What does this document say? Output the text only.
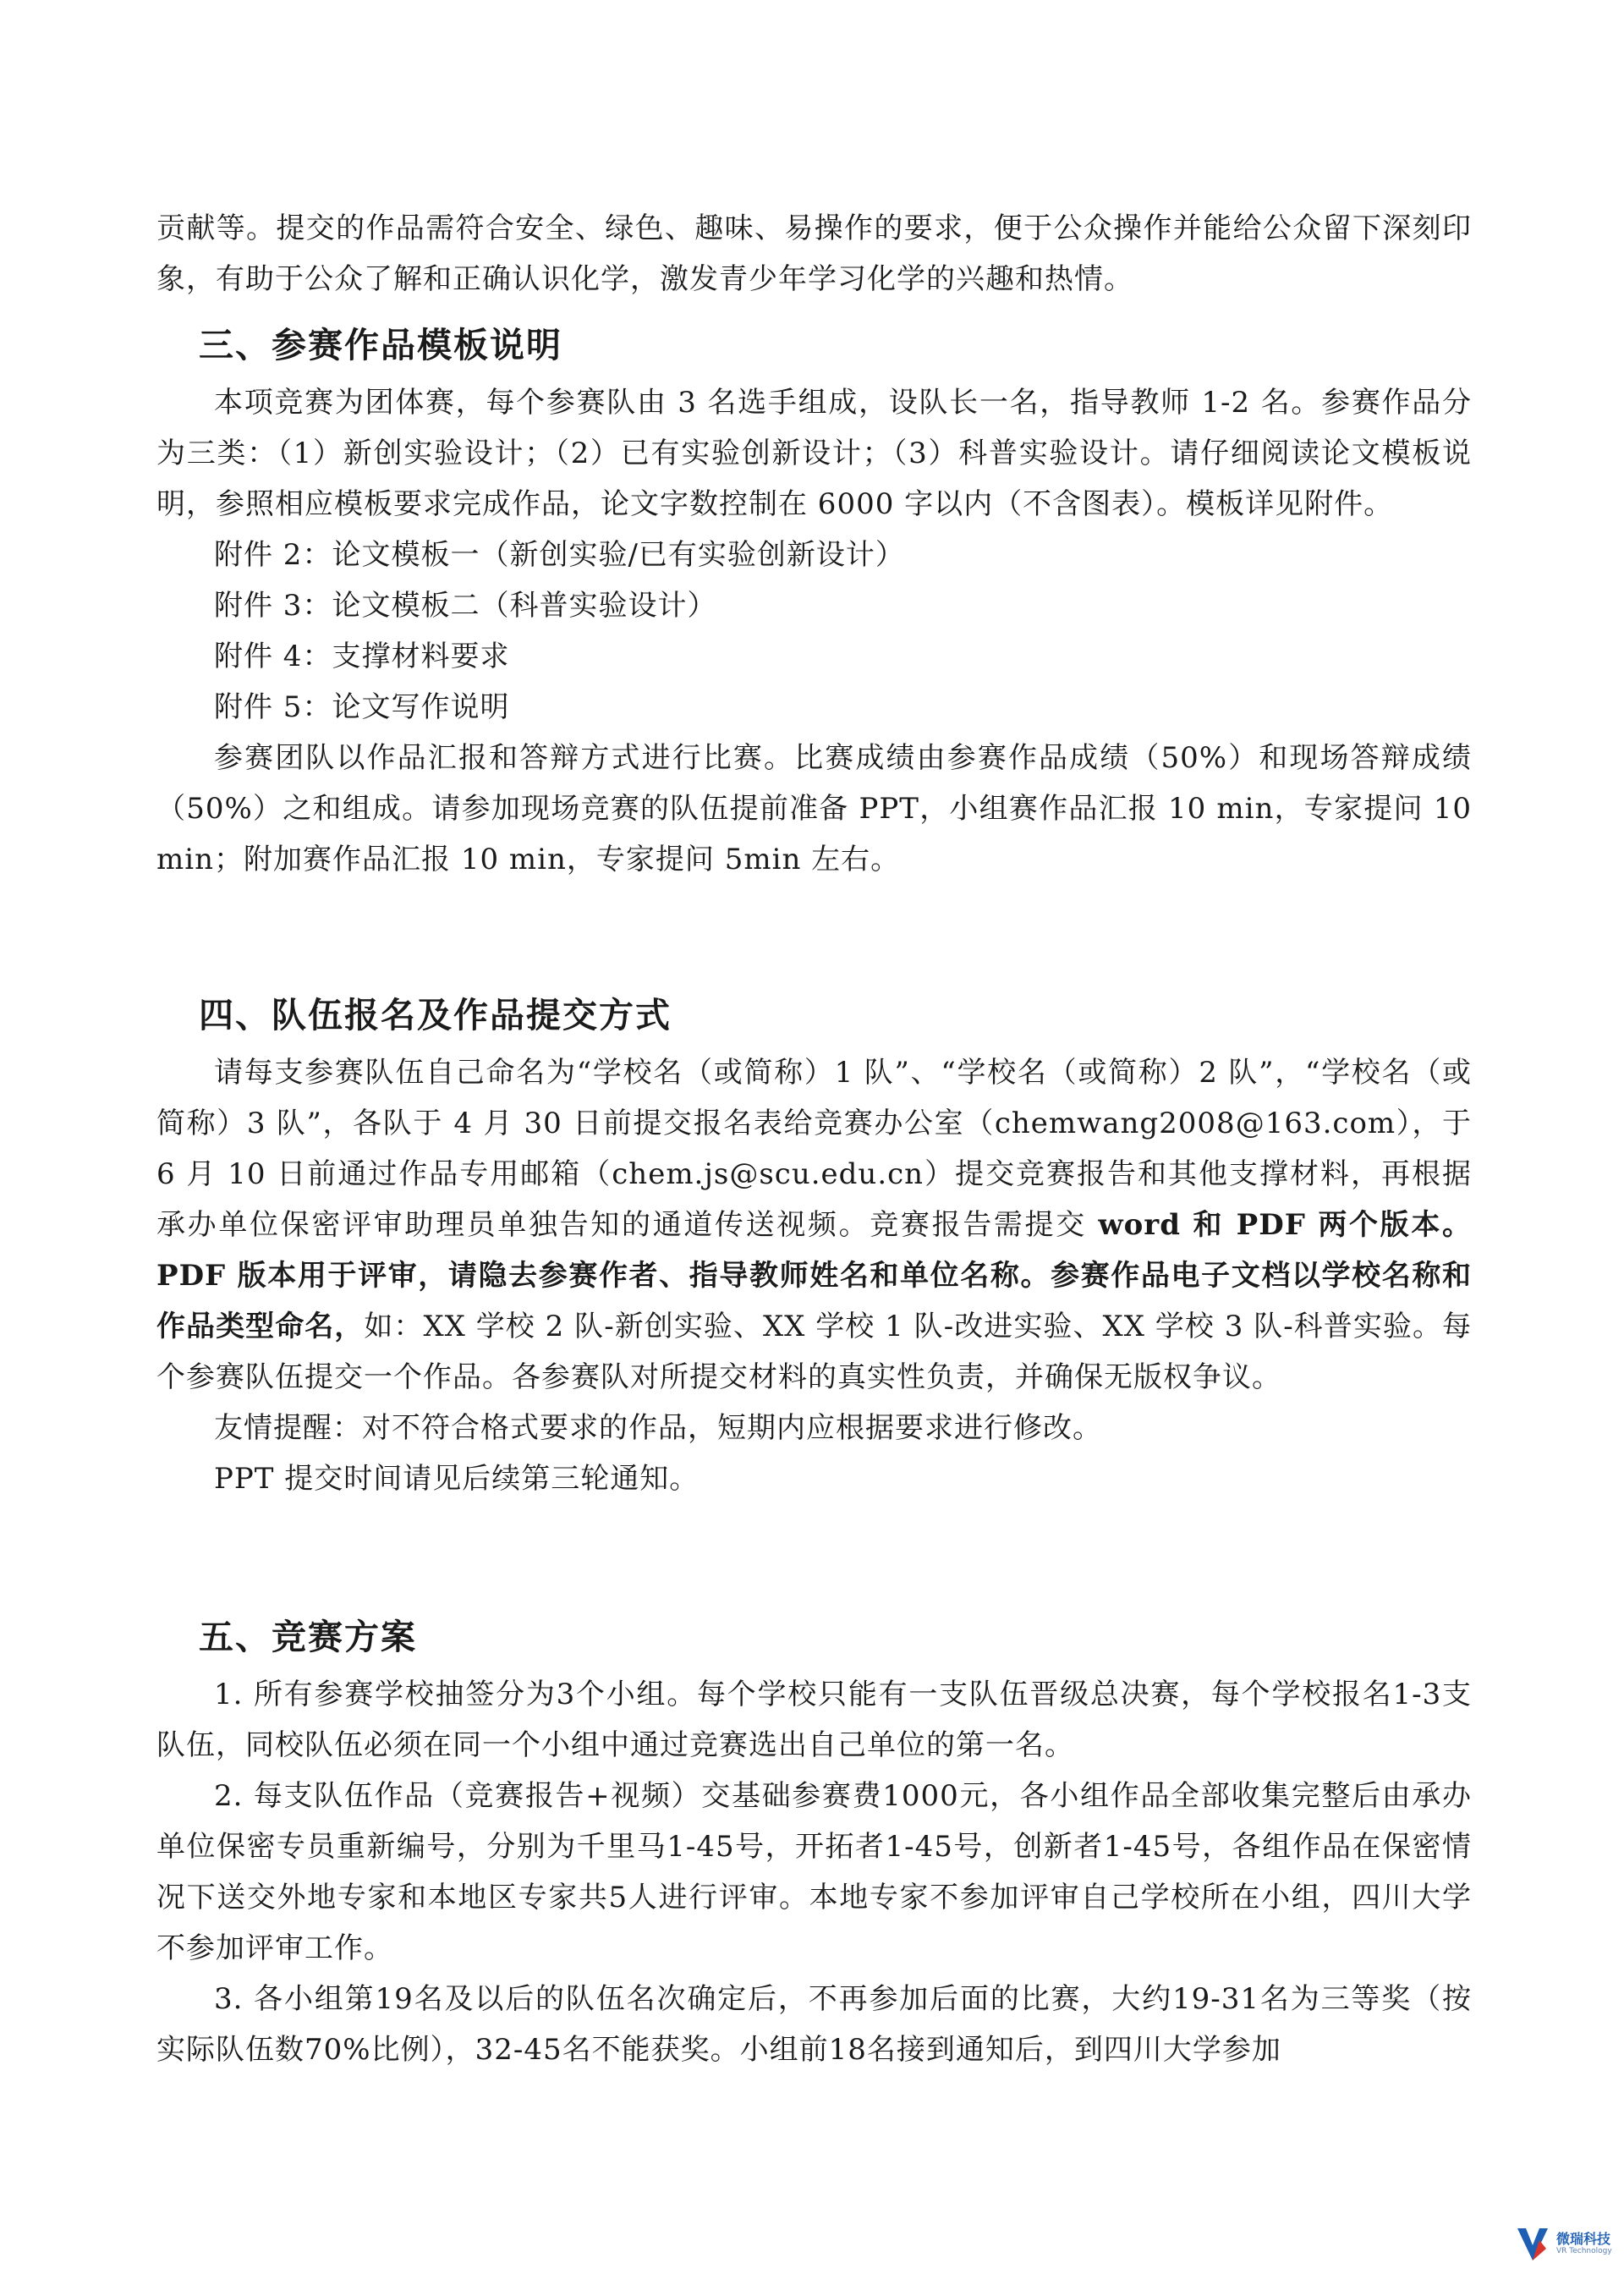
贡献等。提交的作品需符合安全、绿色、趣味、易操作的要求，便于公众操作并能给公众留下深刻印象，有助于公众了解和正确认识化学，激发青少年学习化学的兴趣和热情。

三、参赛作品模板说明

本项竞赛为团体赛，每个参赛队由 3 名选手组成，设队长一名，指导教师 1-2 名。参赛作品分为三类：（1）新创实验设计；（2）已有实验创新设计；（3）科普实验设计。请仔细阅读论文模板说明，参照相应模板要求完成作品，论文字数控制在 6000 字以内（不含图表）。模板详见附件。

附件 2：论文模板一（新创实验/已有实验创新设计）

附件 3：论文模板二（科普实验设计）

附件 4：支撑材料要求

附件 5：论文写作说明

参赛团队以作品汇报和答辩方式进行比赛。比赛成绩由参赛作品成绩（50%）和现场答辩成绩（50%）之和组成。请参加现场竞赛的队伍提前准备 PPT，小组赛作品汇报 10 min，专家提问 10 min；附加赛作品汇报 10 min，专家提问 5min 左右。

四、队伍报名及作品提交方式

请每支参赛队伍自己命名为“学校名（或简称）1 队”、“学校名（或简称）2 队”，“学校名（或简称）3 队”，各队于 4 月 30 日前提交报名表给竞赛办公室（chemwang2008@163.com），于 6 月 10 日前通过作品专用邮箱（chem.js@scu.edu.cn）提交竞赛报告和其他支撑材料，再根据承办单位保密评审助理员单独告知的通道传送视频。竞赛报告需提交 word 和 PDF 两个版本。PDF 版本用于评审，请隐去参赛作者、指导教师姓名和单位名称。参赛作品电子文档以学校名称和作品类型命名，如：XX 学校 2 队-新创实验、XX 学校 1 队-改进实验、XX 学校 3 队-科普实验。每个参赛队伍提交一个作品。各参赛队对所提交材料的真实性负责，并确保无版权争议。

友情提醒：对不符合格式要求的作品，短期内应根据要求进行修改。

PPT 提交时间请见后续第三轮通知。

五、竞赛方案

1. 所有参赛学校抽签分为3个小组。每个学校只能有一支队伍晋级总决赛，每个学校报名1-3支队伍，同校队伍必须在同一个小组中通过竞赛选出自己单位的第一名。

2. 每支队伍作品（竞赛报告+视频）交基础参赛费1000元，各小组作品全部收集完整后由承办单位保密专员重新编号，分别为千里马1-45号，开拓者1-45号，创新者1-45号，各组作品在保密情况下送交外地专家和本地区专家共5人进行评审。本地专家不参加评审自己学校所在小组，四川大学不参加评审工作。

3. 各小组第19名及以后的队伍名次确定后，不再参加后面的比赛，大约19-31名为三等奖（按实际队伍数70%比例），32-45名不能获奖。小组前18名接到通知后，到四川大学参加

微瑞科技
VR Technology
